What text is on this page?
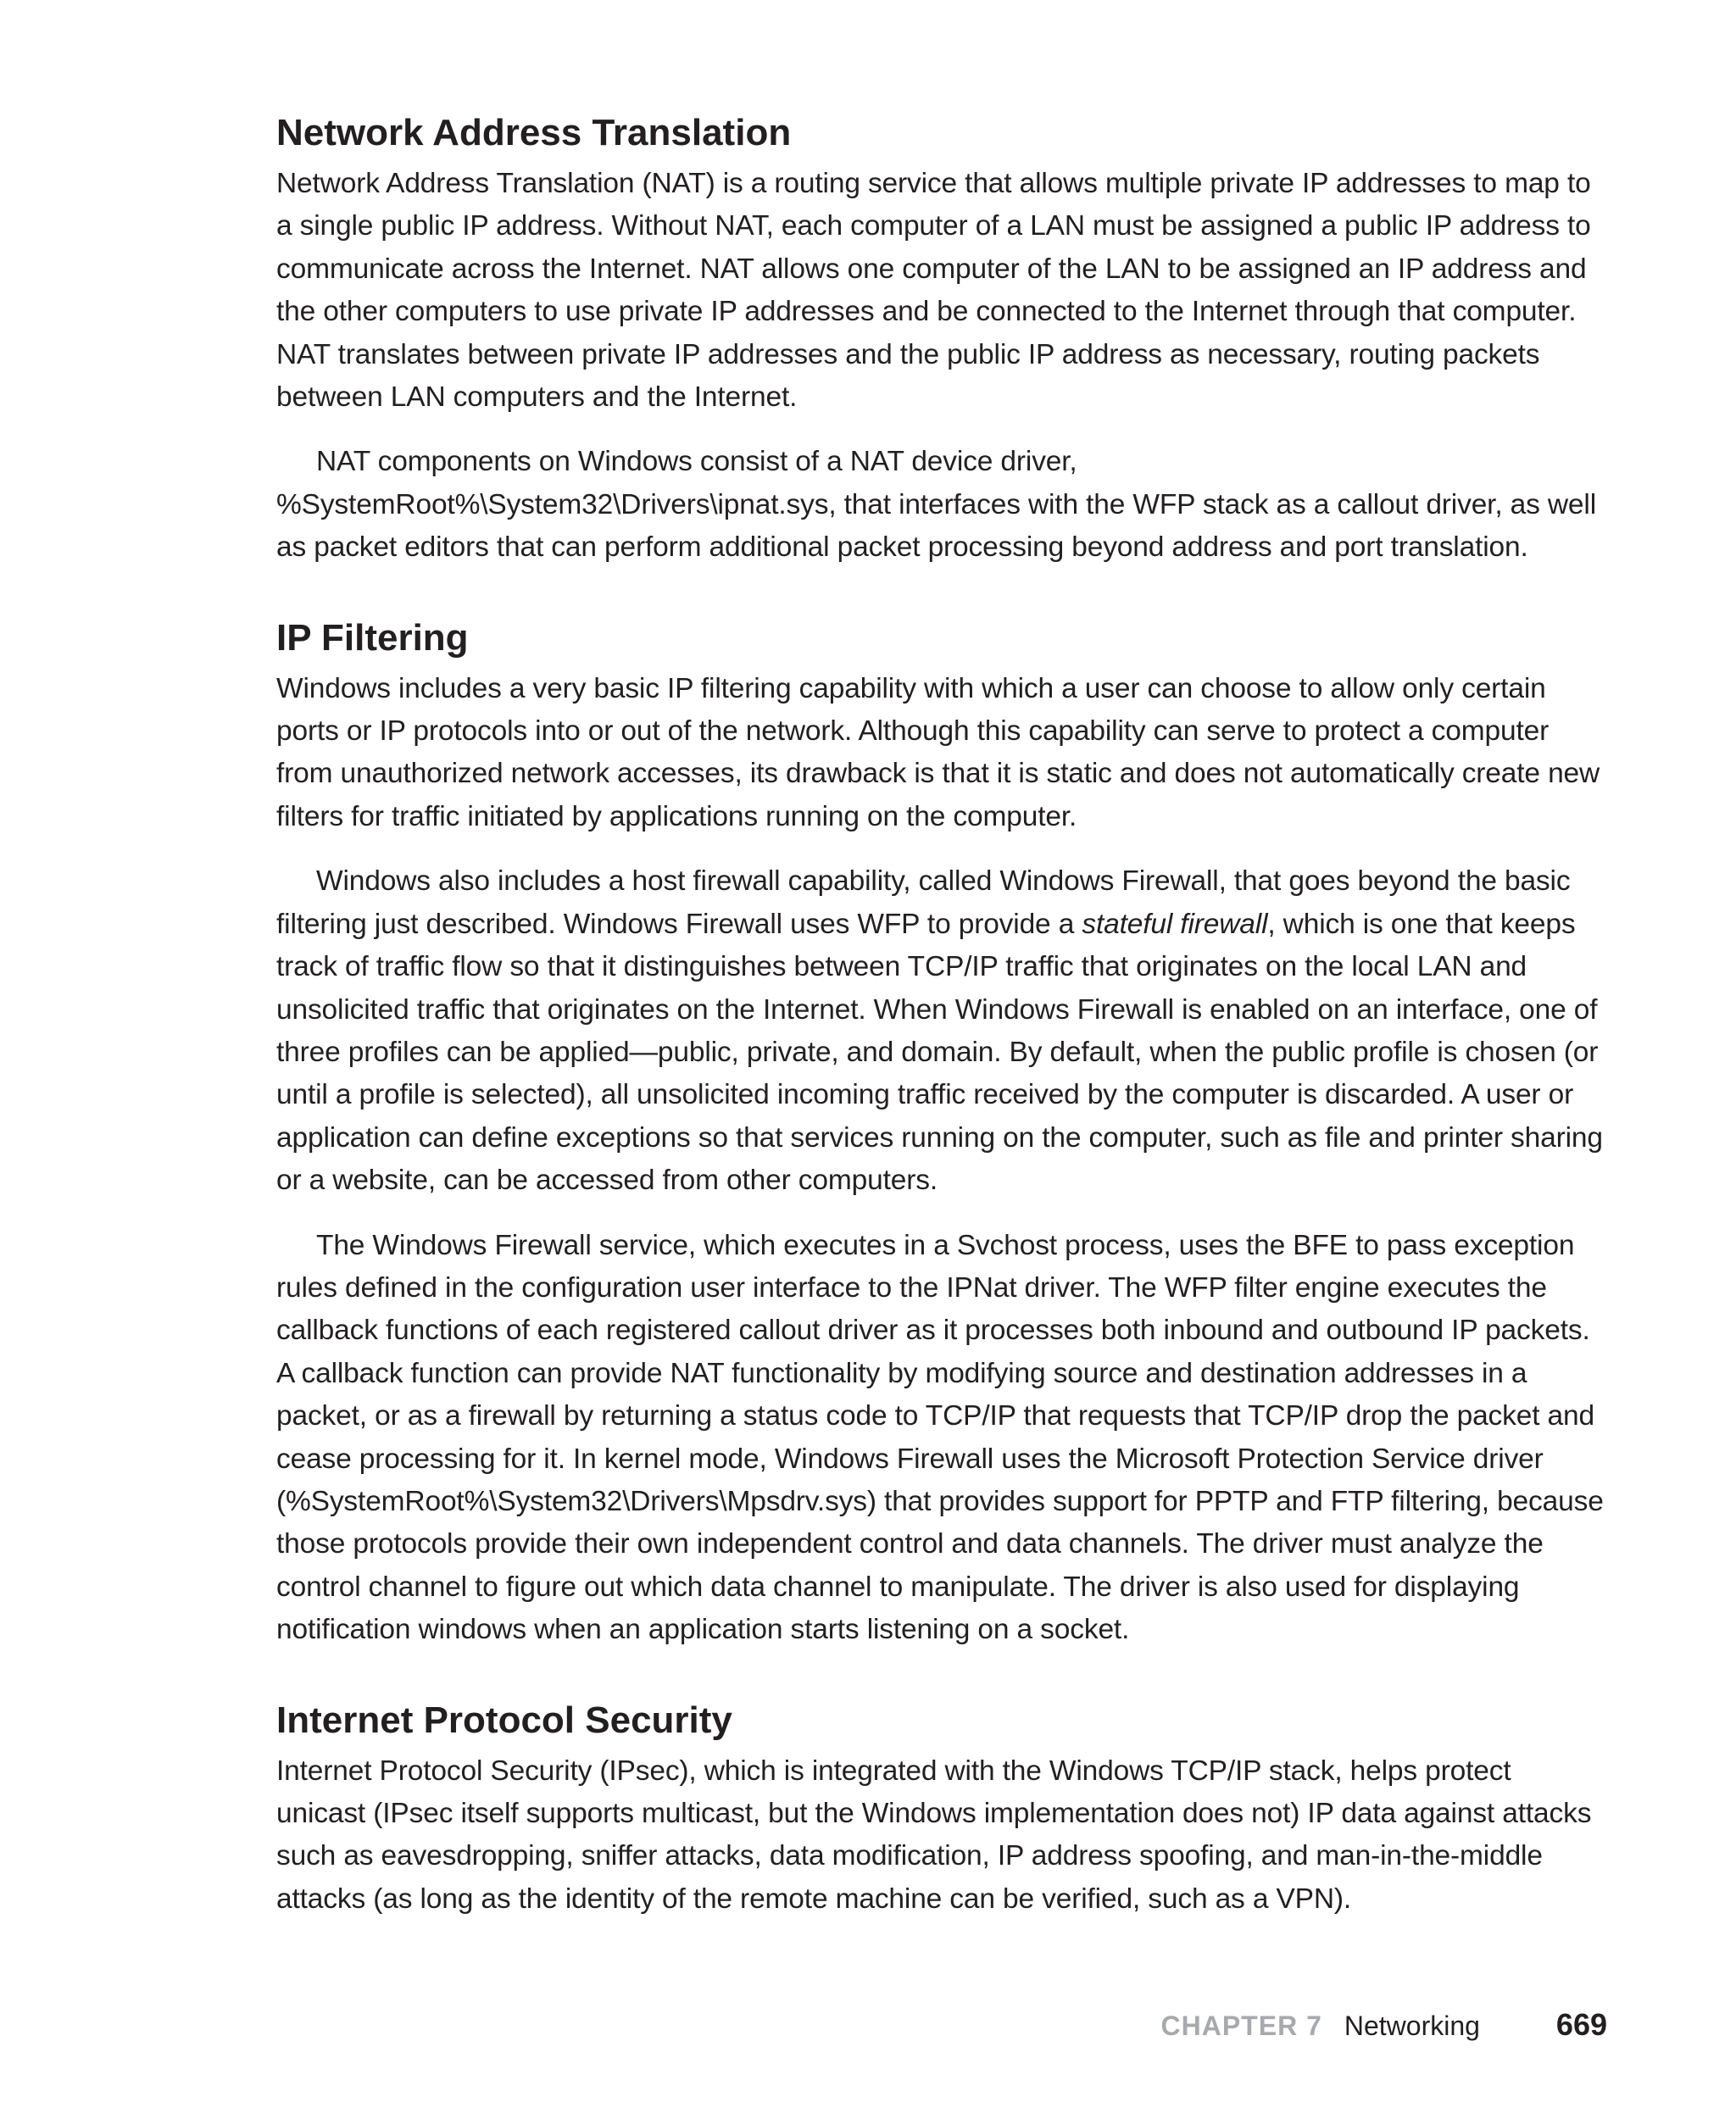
Network Address Translation

Network Address Translation (NAT) is a routing service that allows multiple private IP addresses to map to a single public IP address. Without NAT, each computer of a LAN must be assigned a public IP address to communicate across the Internet. NAT allows one computer of the LAN to be assigned an IP address and the other computers to use private IP addresses and be connected to the Internet through that computer. NAT translates between private IP addresses and the public IP address as necessary, routing packets between LAN computers and the Internet.

NAT components on Windows consist of a NAT device driver, %SystemRoot%\System32\Drivers\ipnat.sys, that interfaces with the WFP stack as a callout driver, as well as packet editors that can perform additional packet processing beyond address and port translation.

IP Filtering

Windows includes a very basic IP filtering capability with which a user can choose to allow only certain ports or IP protocols into or out of the network. Although this capability can serve to protect a computer from unauthorized network accesses, its drawback is that it is static and does not automatically create new filters for traffic initiated by applications running on the computer.

Windows also includes a host firewall capability, called Windows Firewall, that goes beyond the basic filtering just described. Windows Firewall uses WFP to provide a stateful firewall, which is one that keeps track of traffic flow so that it distinguishes between TCP/IP traffic that originates on the local LAN and unsolicited traffic that originates on the Internet. When Windows Firewall is enabled on an interface, one of three profiles can be applied—public, private, and domain. By default, when the public profile is chosen (or until a profile is selected), all unsolicited incoming traffic received by the computer is discarded. A user or application can define exceptions so that services running on the computer, such as file and printer sharing or a website, can be accessed from other computers.

The Windows Firewall service, which executes in a Svchost process, uses the BFE to pass exception rules defined in the configuration user interface to the IPNat driver. The WFP filter engine executes the callback functions of each registered callout driver as it processes both inbound and outbound IP packets. A callback function can provide NAT functionality by modifying source and destination addresses in a packet, or as a firewall by returning a status code to TCP/IP that requests that TCP/IP drop the packet and cease processing for it. In kernel mode, Windows Firewall uses the Microsoft Protection Service driver (%SystemRoot%\System32\Drivers\Mpsdrv.sys) that provides support for PPTP and FTP filtering, because those protocols provide their own independent control and data channels. The driver must analyze the control channel to figure out which data channel to manipulate. The driver is also used for displaying notification windows when an application starts listening on a socket.

Internet Protocol Security

Internet Protocol Security (IPsec), which is integrated with the Windows TCP/IP stack, helps protect unicast (IPsec itself supports multicast, but the Windows implementation does not) IP data against attacks such as eavesdropping, sniffer attacks, data modification, IP address spoofing, and man-in-the-middle attacks (as long as the identity of the remote machine can be verified, such as a VPN).

CHAPTER 7 Networking	669
